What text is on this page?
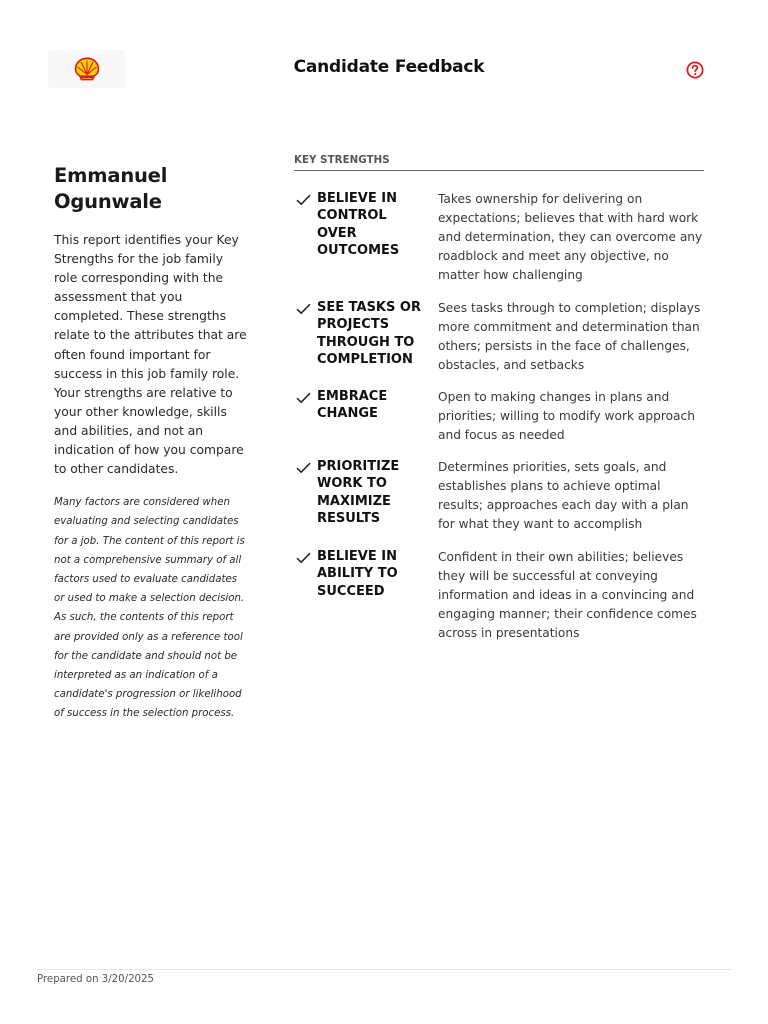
Candidate Feedback
Emmanuel Ogunwale
This report identifies your Key Strengths for the job family role corresponding with the assessment that you completed. These strengths relate to the attributes that are often found important for success in this job family role. Your strengths are relative to your other knowledge, skills and abilities, and not an indication of how you compare to other candidates.
Many factors are considered when evaluating and selecting candidates for a job. The content of this report is not a comprehensive summary of all factors used to evaluate candidates or used to make a selection decision. As such, the contents of this report are provided only as a reference tool for the candidate and should not be interpreted as an indication of a candidate's progression or likelihood of success in the selection process.
KEY STRENGTHS
BELIEVE IN CONTROL OVER OUTCOMES
Takes ownership for delivering on expectations; believes that with hard work and determination, they can overcome any roadblock and meet any objective, no matter how challenging
SEE TASKS OR PROJECTS THROUGH TO COMPLETION
Sees tasks through to completion; displays more commitment and determination than others; persists in the face of challenges, obstacles, and setbacks
EMBRACE CHANGE
Open to making changes in plans and priorities; willing to modify work approach and focus as needed
PRIORITIZE WORK TO MAXIMIZE RESULTS
Determines priorities, sets goals, and establishes plans to achieve optimal results; approaches each day with a plan for what they want to accomplish
BELIEVE IN ABILITY TO SUCCEED
Confident in their own abilities; believes they will be successful at conveying information and ideas in a convincing and engaging manner; their confidence comes across in presentations
Prepared on 3/20/2025
